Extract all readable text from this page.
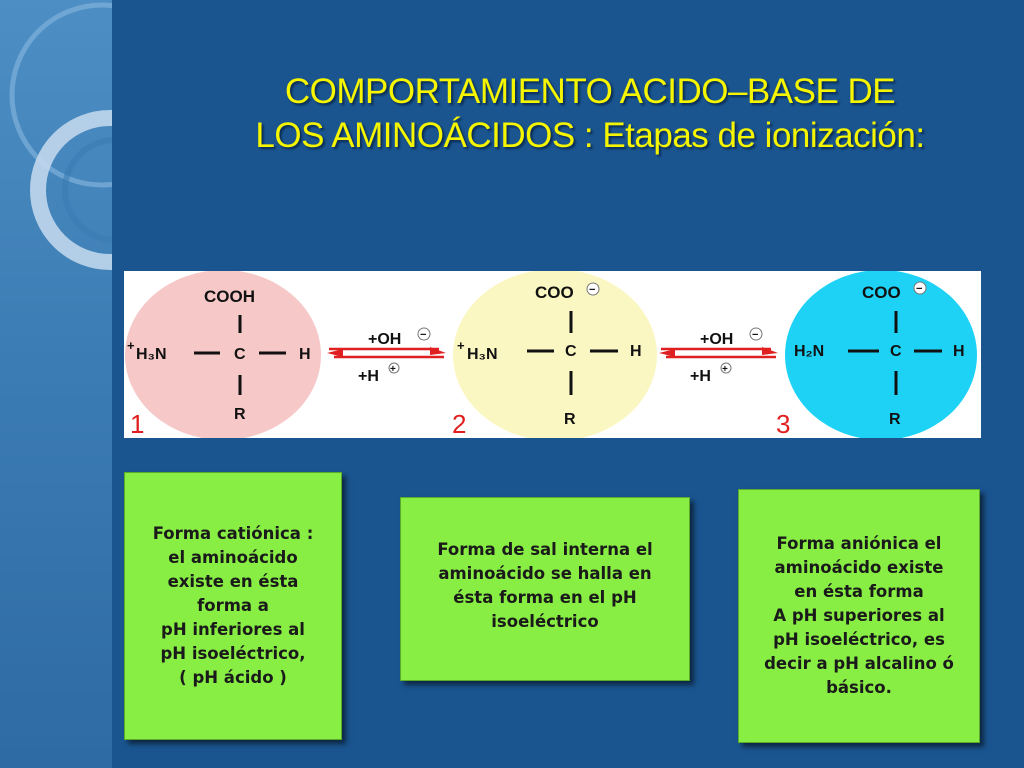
COMPORTAMIENTO ACIDO–BASE DE
LOS AMINOÁCIDOS : Etapas de ionización:
COOH
+
H₃N	C	H
R
1
+OH −
+H +
COO −
+
H₃N	C	H
R
2
+OH −
+H +
COO −
H₂N	C	H
R
3
Forma catiónica :
el aminoácido
existe en ésta
forma a
pH inferiores al
pH isoeléctrico,
( pH ácido )
Forma de sal interna el
aminoácido se halla en
ésta forma en el pH
isoeléctrico
Forma aniónica el
aminoácido existe
en ésta forma
A pH superiores al
pH isoeléctrico, es
decir a pH alcalino ó
básico.
